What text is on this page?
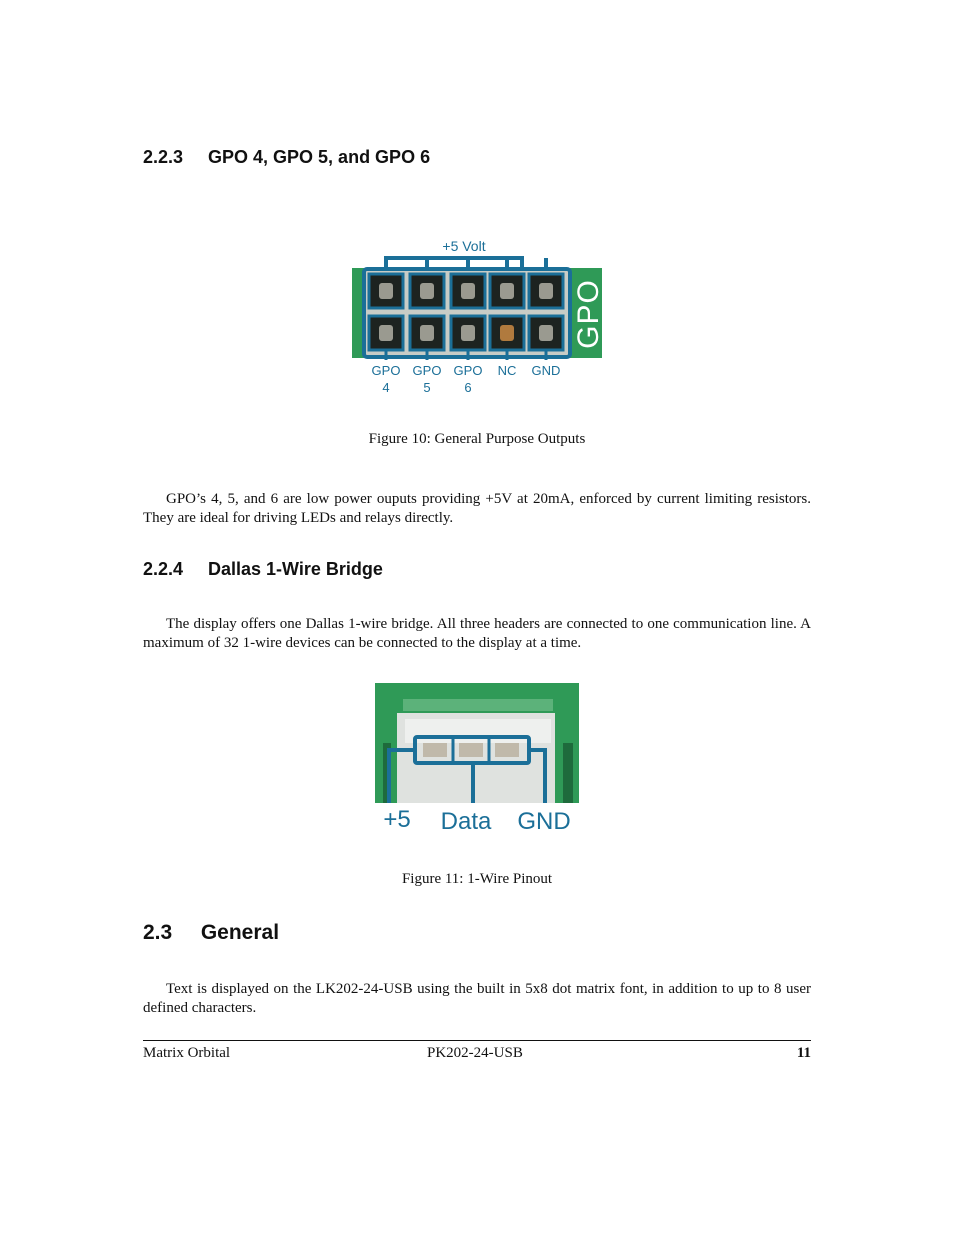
2.2.3 GPO 4, GPO 5, and GPO 6
+5 Volt
GPO
GPO
4
GPO
5
GPO
6
NC GND
Figure 10: General Purpose Outputs
GPO’s 4, 5, and 6 are low power ouputs providing +5V at 20mA, enforced by current limiting resistors. They are ideal for driving LEDs and relays directly.
2.2.4 Dallas 1-Wire Bridge
The display offers one Dallas 1-wire bridge. All three headers are connected to one communication line. A maximum of 32 1-wire devices can be connected to the display at a time.
+5 Data GND
Figure 11: 1-Wire Pinout
2.3 General
Text is displayed on the LK202-24-USB using the built in 5x8 dot matrix font, in addition to up to 8 user defined characters.
Matrix Orbital	PK202-24-USB	11
